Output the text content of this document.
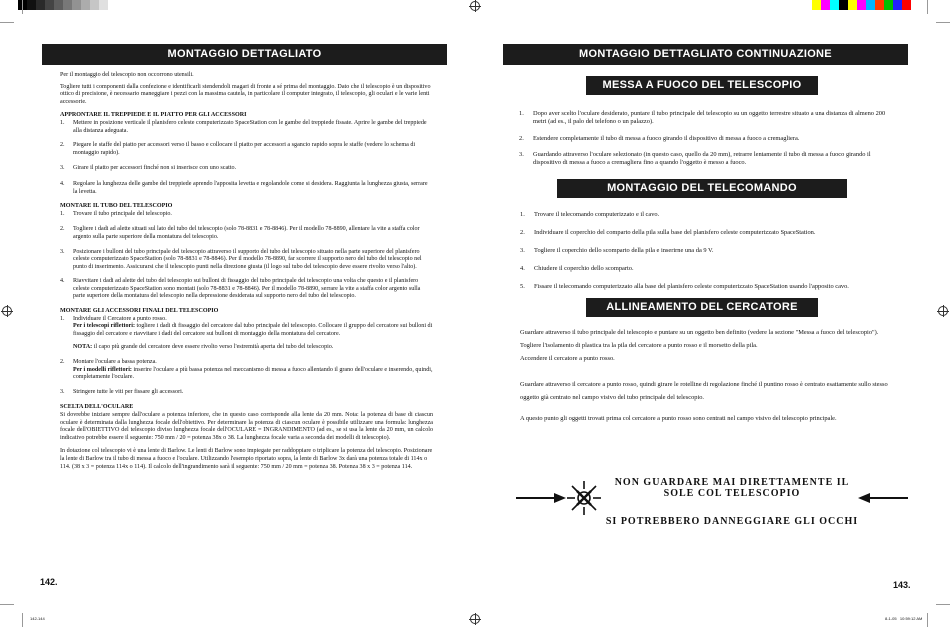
MONTAGGIO DETTAGLIATO

Per il montaggio del telescopio non occorrono utensili.

Togliere tutti i componenti dalla confezione e identificarli stendendoli magari di fronte a sé prima del montaggio. Dato che il telescopio è un dispositivo ottico di precisione, è necessario maneggiare i pezzi con la massima cautela, in particolare il computer integrato, il telescopio, gli oculari e le varie lenti accessorie.

APPRONTARE IL TREPPIEDE E IL PIATTO PER GLI ACCESSORI
1.	Mettere in posizione verticale il planisfero celeste computerizzato SpaceStation con le gambe del treppiede fissate. Aprire le gambe del treppiede alla distanza adeguata.
2.	Piegare le staffe del piatto per accessori verso il basso e collocare il piatto per accessori a sgancio rapido sopra le staffe (vedere lo schema di montaggio rapido).
3.	Girare il piatto per accessori finché non si inserisce con uno scatto.
4.	Regolare la lunghezza delle gambe del treppiede aprendo l'apposita levetta e regolandole come si desidera. Raggiunta la lunghezza giusta, serrare la levetta.
MONTARE IL TUBO DEL TELESCOPIO
1.	Trovare il tubo principale del telescopio.
2.	Togliere i dadi ad alette situati sul lato del tubo del telescopio (solo 78-8831 e 78-8846). Per il modello 78-8890, allentare la vite a staffa color argento sulla parte superiore della montatura del telescopio.
3.	Posizionare i bulloni del tubo principale del telescopio attraverso il supporto del tubo del telescopio situato nella parte superiore del planisfero celeste computerizzato SpaceStation (solo 78-8831 e 78-8846). Per il modello 78-8890, far scorrere il supporto nero del tubo del telescopio nel punto di inserimento. Assicurarsi che il telescopio punti nella direzione giusta (il logo sul tubo del telescopio deve essere rivolto verso l'alto).
4.	Riavvitare i dadi ad alette del tubo del telescopio sui bulloni di fissaggio del tubo principale del telescopio una volta che questo e il planisfero celeste computerizzato SpaceStation sono montati (solo 78-8831 e 78-8846). Per il modello 78-8890, serrare la vite a staffa color argento sulla parte superiore della montatura del telescopio nella depressione desiderata sul supporto nero del tubo del telescopio.
MONTARE GLI ACCESSORI FINALI DEL TELESCOPIO
1.	Individuare il Cercatore a punto rosso.
Per i telescopi riflettori: togliere i dadi di fissaggio del cercatore dal tubo principale del telescopio. Collocare il gruppo del cercatore sui bulloni di fissaggio del cercatore e riavvitare i dadi del cercatore sui bulloni di montaggio della montatura del cercatore.
NOTA: il capo più grande del cercatore deve essere rivolto verso l'estremità aperta del tubo del telescopio.
2.	Montare l'oculare a bassa potenza.
Per i modelli riflettori: inserire l'oculare a più bassa potenza nel meccanismo di messa a fuoco allentando il grano dell'oculare e inserendo, quindi, completamente l'oculare.
3.	Stringere tutte le viti per fissare gli accessori.
SCELTA DELL'OCULARE

Si dovrebbe iniziare sempre dall'oculare a potenza inferiore, che in questo caso corrisponde alla lente da 20 mm. Nota: la potenza di base di ciascun oculare è determinata dalla lunghezza focale dell'obiettivo. Per determinare la potenza di ciascun oculare è possibile utilizzare una formula: lunghezza focale dell'OBIETTIVO del telescopio diviso lunghezza focale dell'OCULARE = INGRANDIMENTO (ad es., se si usa la lente da 20 mm, un calcolo indicativo potrebbe essere il seguente: 750 mm / 20 = potenza 38x o 38. La lunghezza focale varia a seconda dei modelli di telescopio).

In dotazione col telescopio vi è una lente di Barlow. Le lenti di Barlow sono impiegate per raddoppiare o triplicare la potenza del telescopio. Posizionare la lente di Barlow tra il tubo di messa a fuoco e l'oculare. Utilizzando l'esempio riportato sopra, la lente di Barlow 3x darà una potenza totale di 114x o 114. (38 x 3 = potenza 114x o 114). Il calcolo dell'ingrandimento sarà il seguente: 750 mm / 20 mm = potenza 38. Potenza 38 x 3 = potenza 114.

142.
142-144
MONTAGGIO DETTAGLIATO CONTINUAZIONE
MESSA A FUOCO DEL TELESCOPIO
1.	Dopo aver scelto l'oculare desiderato, puntare il tubo principale del telescopio su un oggetto terrestre situato a una distanza di almeno 200 metri (ad es., il palo del telefono o un palazzo).
2.	Estendere completamente il tubo di messa a fuoco girando il dispositivo di messa a fuoco a cremagliera.
3.	Guardando attraverso l'oculare selezionato (in questo caso, quello da 20 mm), retrarre lentamente il tubo di messa a fuoco girando il dispositivo di messa a fuoco a cremagliera fino a quando l'oggetto è messo a fuoco.
MONTAGGIO DEL TELECOMANDO COMPUTERIZZATO E DELLA PILA
1.	Trovare il telecomando computerizzato e il cavo.
2.	Individuare il coperchio del comparto della pila sulla base del planisfero celeste computerizzato SpaceStation.
3.	Togliere il coperchio dello scomparto della pila e inserirne una da 9 V.
4.	Chiudere il coperchio dello scomparto.
5.	Fissare il telecomando computerizzato alla base del planisfero celeste computerizzato SpaceStation usando l'apposito cavo.
ALLINEAMENTO DEL CERCATORE
Guardare attraverso il tubo principale del telescopio e puntare su un oggetto ben definito (vedere la sezione "Messa a fuoco del telescopio").
Togliere l'isolamento di plastica tra la pila del cercatore a punto rosso e il morsetto della pila.
Accendere il cercatore a punto rosso.
Guardare attraverso il cercatore a punto rosso, quindi girare le rotelline di regolazione finché il puntino rosso è centrato esattamente sullo stesso oggetto già centrato nel campo visivo del tubo principale del telescopio.
A questo punto gli oggetti trovati prima col cercatore a punto rosso sono centrati nel campo visivo del telescopio principale.
NON GUARDARE MAI DIRETTAMENTE IL
SOLE COL TELESCOPIO
SI POTREBBERO DANNEGGIARE GLI OCCHI
143.
8-1-05   10:59:12 AM
